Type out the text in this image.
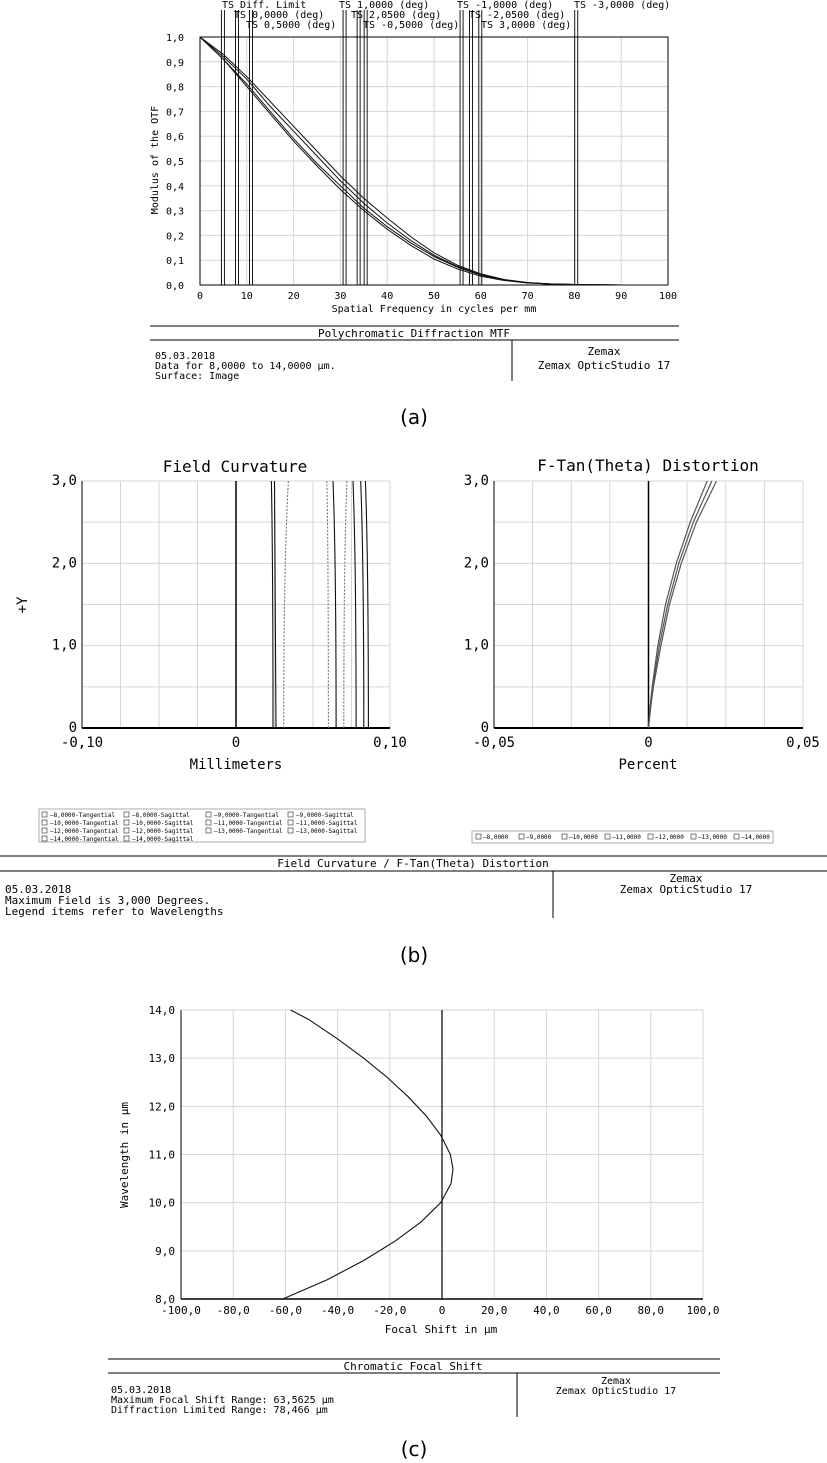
0	10	20	30	40	50	60	70	80	90	100
0,0
0,1
0,2
0,3
0,4
0,5
0,6
0,7
0,8
0,9
1,0
TS Diff. Limit
TS 0,0000 (deg)
TS 0,5000 (deg)
TS 1,0000 (deg)
TS 2,0500 (deg)
TS -0,5000 (deg)
TS -1,0000 (deg)
TS -2,0500 (deg)
TS 3,0000 (deg)
TS -3,0000 (deg)
Spatial Frequency in cycles per mm
Modulus of the OTF
Polychromatic Diffraction MTF
05.03.2018
Data for 8,0000 to 14,0000 µm.
Surface: Image
Zemax
Zemax OpticStudio 17
(a)
Field Curvature	F-Tan(Theta) Distortion
-0,10	0	0,10
0
1,0
2,0
3,0
Millimeters
+Y
-0,05	0	0,05
0
1,0
2,0
3,0
Percent
—8,0000-Tangential	—8,0000-Sagittal	—9,0000-Tangential	—9,0000-Sagittal
—10,0000-Tangential —10,0000-Sagittal	—11,0000-Tangential —11,0000-Sagittal
—12,0000-Tangential —12,0000-Sagittal	—13,0000-Tangential —13,0000-Sagittal
—14,0000-Tangential —14,0000-Sagittal	—8,0000	—9,0000	—10,0000 —11,0000 —12,0000 —13,0000 —14,0000
Field Curvature / F-Tan(Theta) Distortion
05.03.2018
Maximum Field is 3,000 Degrees.
Legend items refer to Wavelengths
Zemax
Zemax OpticStudio 17
(b)
-100,0 -80,0 -60,0 -40,0 -20,0	0	20,0 40,0 60,0 80,0 100,0
8,0
9,0
10,0
11,0
12,0
13,0
14,0
Focal Shift in µm
Wavelength in µm
Chromatic Focal Shift
05.03.2018
Maximum Focal Shift Range: 63,5625 µm
Diffraction Limited Range: 78,466 µm
Zemax
Zemax OpticStudio 17
(c)
